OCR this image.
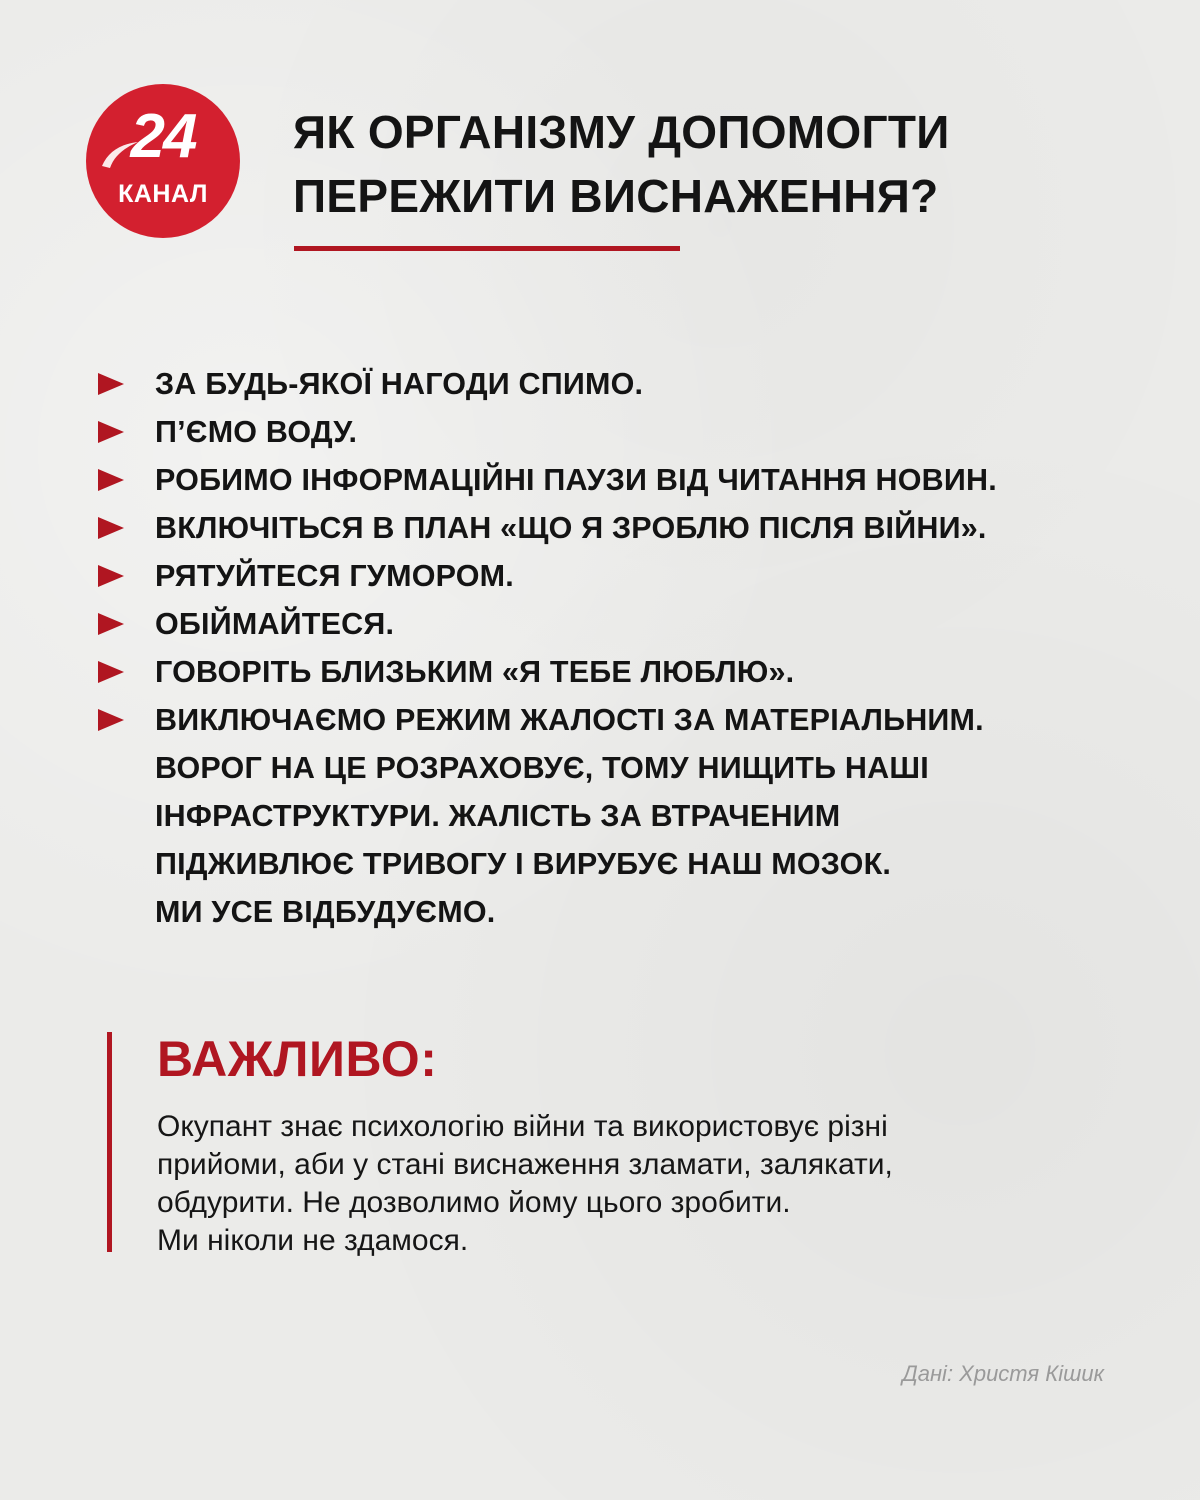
24
КАНАЛ
ЯК ОРГАНІЗМУ ДОПОМОГТИ
ПЕРЕЖИТИ ВИСНАЖЕННЯ?
ЗА БУДЬ-ЯКОЇ НАГОДИ СПИМО.
П’ЄМО ВОДУ.
РОБИМО ІНФОРМАЦІЙНІ ПАУЗИ ВІД ЧИТАННЯ НОВИН.
ВКЛЮЧІТЬСЯ В ПЛАН «ЩО Я ЗРОБЛЮ ПІСЛЯ ВІЙНИ».
РЯТУЙТЕСЯ ГУМОРОМ.
ОБІЙМАЙТЕСЯ.
ГОВОРІТЬ БЛИЗЬКИМ «Я ТЕБЕ ЛЮБЛЮ».
ВИКЛЮЧАЄМО РЕЖИМ ЖАЛОСТІ ЗА МАТЕРІАЛЬНИМ.
ВОРОГ НА ЦЕ РОЗРАХОВУЄ, ТОМУ НИЩИТЬ НАШІ
ІНФРАСТРУКТУРИ. ЖАЛІСТЬ ЗА ВТРАЧЕНИМ
ПІДЖИВЛЮЄ ТРИВОГУ І ВИРУБУЄ НАШ МОЗОК.
МИ УСЕ ВІДБУДУЄМО.
ВАЖЛИВО:

Окупант знає психологію війни та використовує різні
прийоми, аби у стані виснаження зламати, залякати,
обдурити. Не дозволимо йому цього зробити.
Ми ніколи не здамося.

Дані: Христя Кішик
